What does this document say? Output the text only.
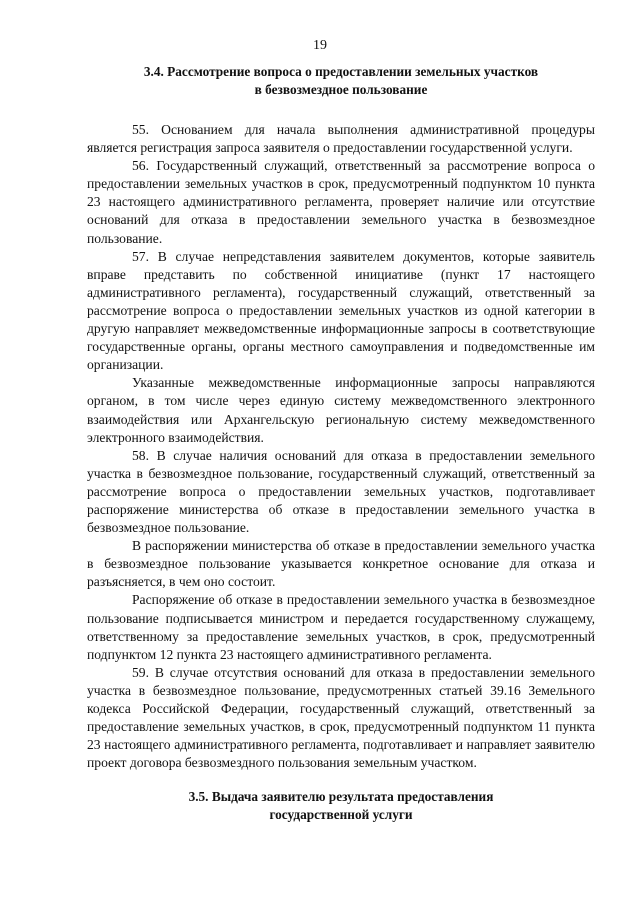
19
3.4. Рассмотрение вопроса о предоставлении земельных участков
в безвозмездное пользование

55. Основанием для начала выполнения административной процедуры является регистрация запроса заявителя о предоставлении государственной услуги.

56. Государственный служащий, ответственный за рассмотрение вопроса о предоставлении земельных участков в срок, предусмотренный подпунктом 10 пункта 23 настоящего административного регламента, проверяет наличие или отсутствие оснований для отказа в предоставлении земельного участка в безвозмездное пользование.

57. В случае непредставления заявителем документов, которые заявитель вправе представить по собственной инициативе (пункт 17 настоящего административного регламента), государственный служащий, ответственный за рассмотрение вопроса о предоставлении земельных участков из одной категории в другую направляет межведомственные информационные запросы в соответствующие государственные органы, органы местного самоуправления и подведомственные им организации.

Указанные межведомственные информационные запросы направляются органом, в том числе через единую систему межведомственного электронного взаимодействия или Архангельскую региональную систему межведомственного электронного взаимодействия.

58. В случае наличия оснований для отказа в предоставлении земельного участка в безвозмездное пользование, государственный служащий, ответственный за рассмотрение вопроса о предоставлении земельных участков, подготавливает распоряжение министерства об отказе в предоставлении земельного участка в безвозмездное пользование.

В распоряжении министерства об отказе в предоставлении земельного участка в безвозмездное пользование указывается конкретное основание для отказа и разъясняется, в чем оно состоит.

Распоряжение об отказе в предоставлении земельного участка в безвозмездное пользование подписывается министром и передается государственному служащему, ответственному за предоставление земельных участков, в срок, предусмотренный подпунктом 12 пункта 23 настоящего административного регламента.

59. В случае отсутствия оснований для отказа в предоставлении земельного участка в безвозмездное пользование, предусмотренных статьей 39.16 Земельного кодекса Российской Федерации, государственный служащий, ответственный за предоставление земельных участков, в срок, предусмотренный подпунктом 11 пункта 23 настоящего административного регламента, подготавливает и направляет заявителю проект договора безвозмездного пользования земельным участком.

3.5. Выдача заявителю результата предоставления
государственной услуги
